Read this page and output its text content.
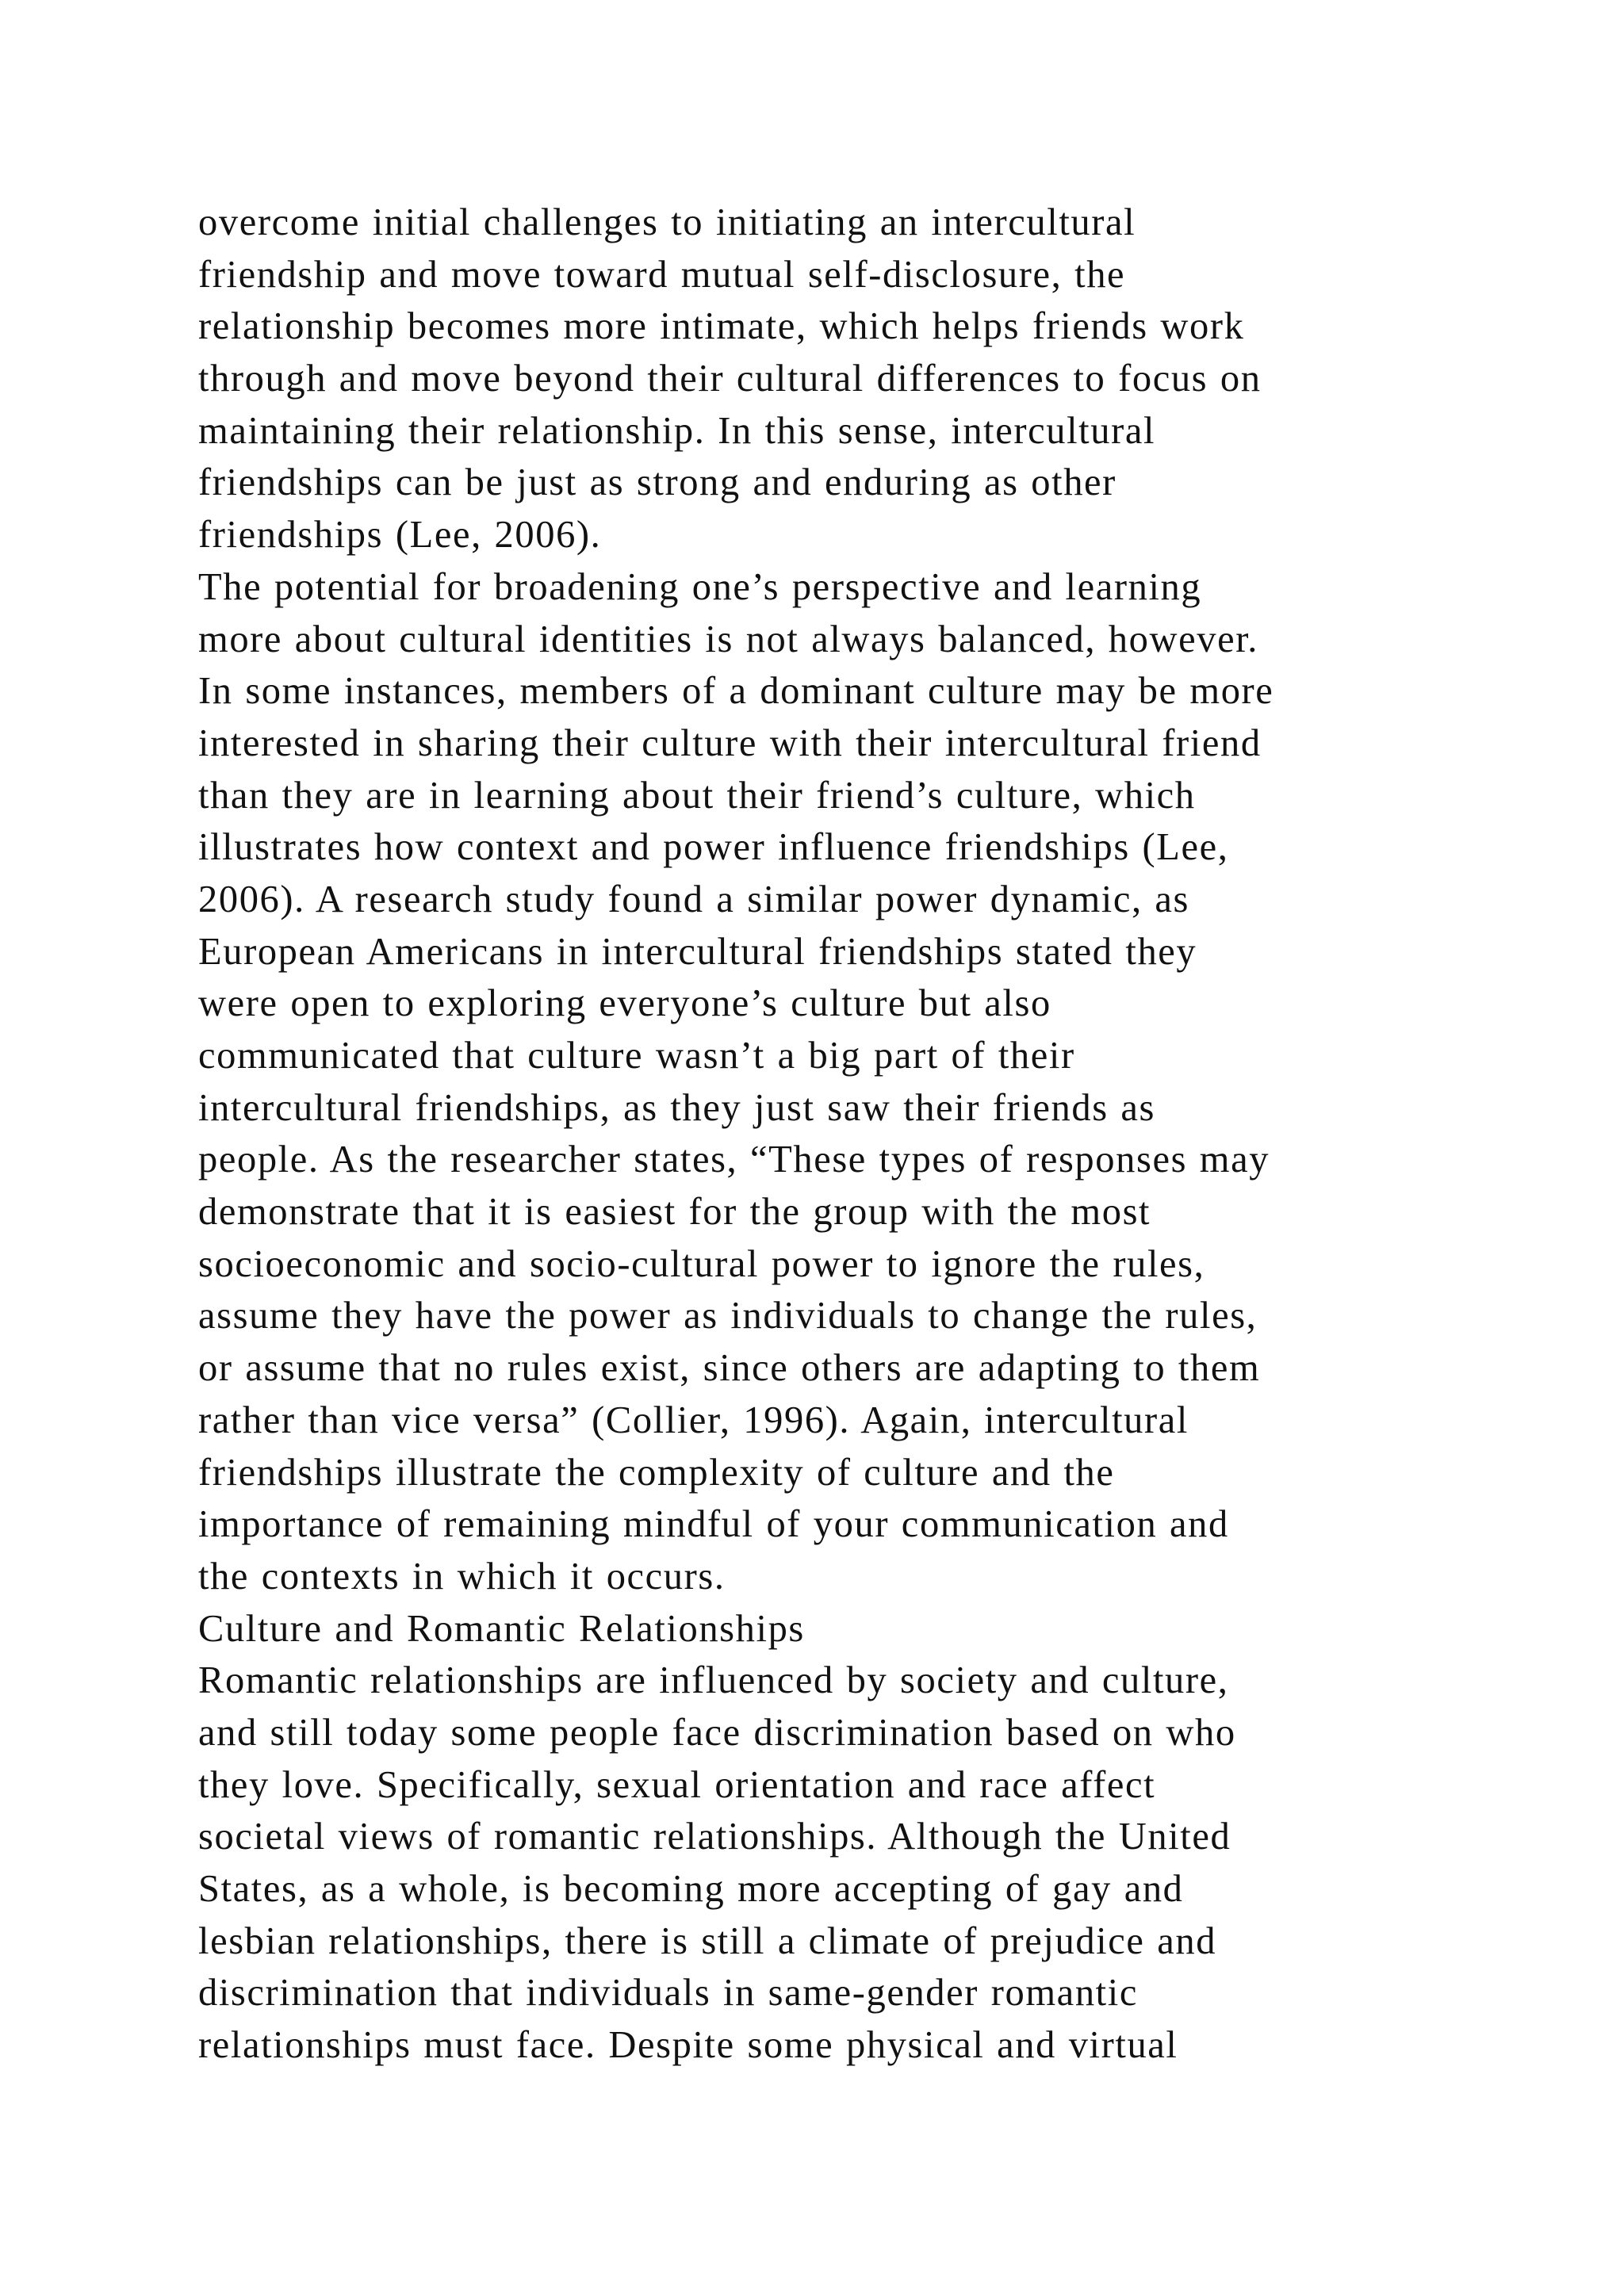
overcome initial challenges to initiating an intercultural
friendship and move toward mutual self-disclosure, the
relationship becomes more intimate, which helps friends work
through and move beyond their cultural differences to focus on
maintaining their relationship. In this sense, intercultural
friendships can be just as strong and enduring as other
friendships (Lee, 2006).
The potential for broadening one’s perspective and learning
more about cultural identities is not always balanced, however.
In some instances, members of a dominant culture may be more
interested in sharing their culture with their intercultural friend
than they are in learning about their friend’s culture, which
illustrates how context and power influence friendships (Lee,
2006). A research study found a similar power dynamic, as
European Americans in intercultural friendships stated they
were open to exploring everyone’s culture but also
communicated that culture wasn’t a big part of their
intercultural friendships, as they just saw their friends as
people. As the researcher states, “These types of responses may
demonstrate that it is easiest for the group with the most
socioeconomic and socio-cultural power to ignore the rules,
assume they have the power as individuals to change the rules,
or assume that no rules exist, since others are adapting to them
rather than vice versa” (Collier, 1996). Again, intercultural
friendships illustrate the complexity of culture and the
importance of remaining mindful of your communication and
the contexts in which it occurs.
Culture and Romantic Relationships
Romantic relationships are influenced by society and culture,
and still today some people face discrimination based on who
they love. Specifically, sexual orientation and race affect
societal views of romantic relationships. Although the United
States, as a whole, is becoming more accepting of gay and
lesbian relationships, there is still a climate of prejudice and
discrimination that individuals in same-gender romantic
relationships must face. Despite some physical and virtual
